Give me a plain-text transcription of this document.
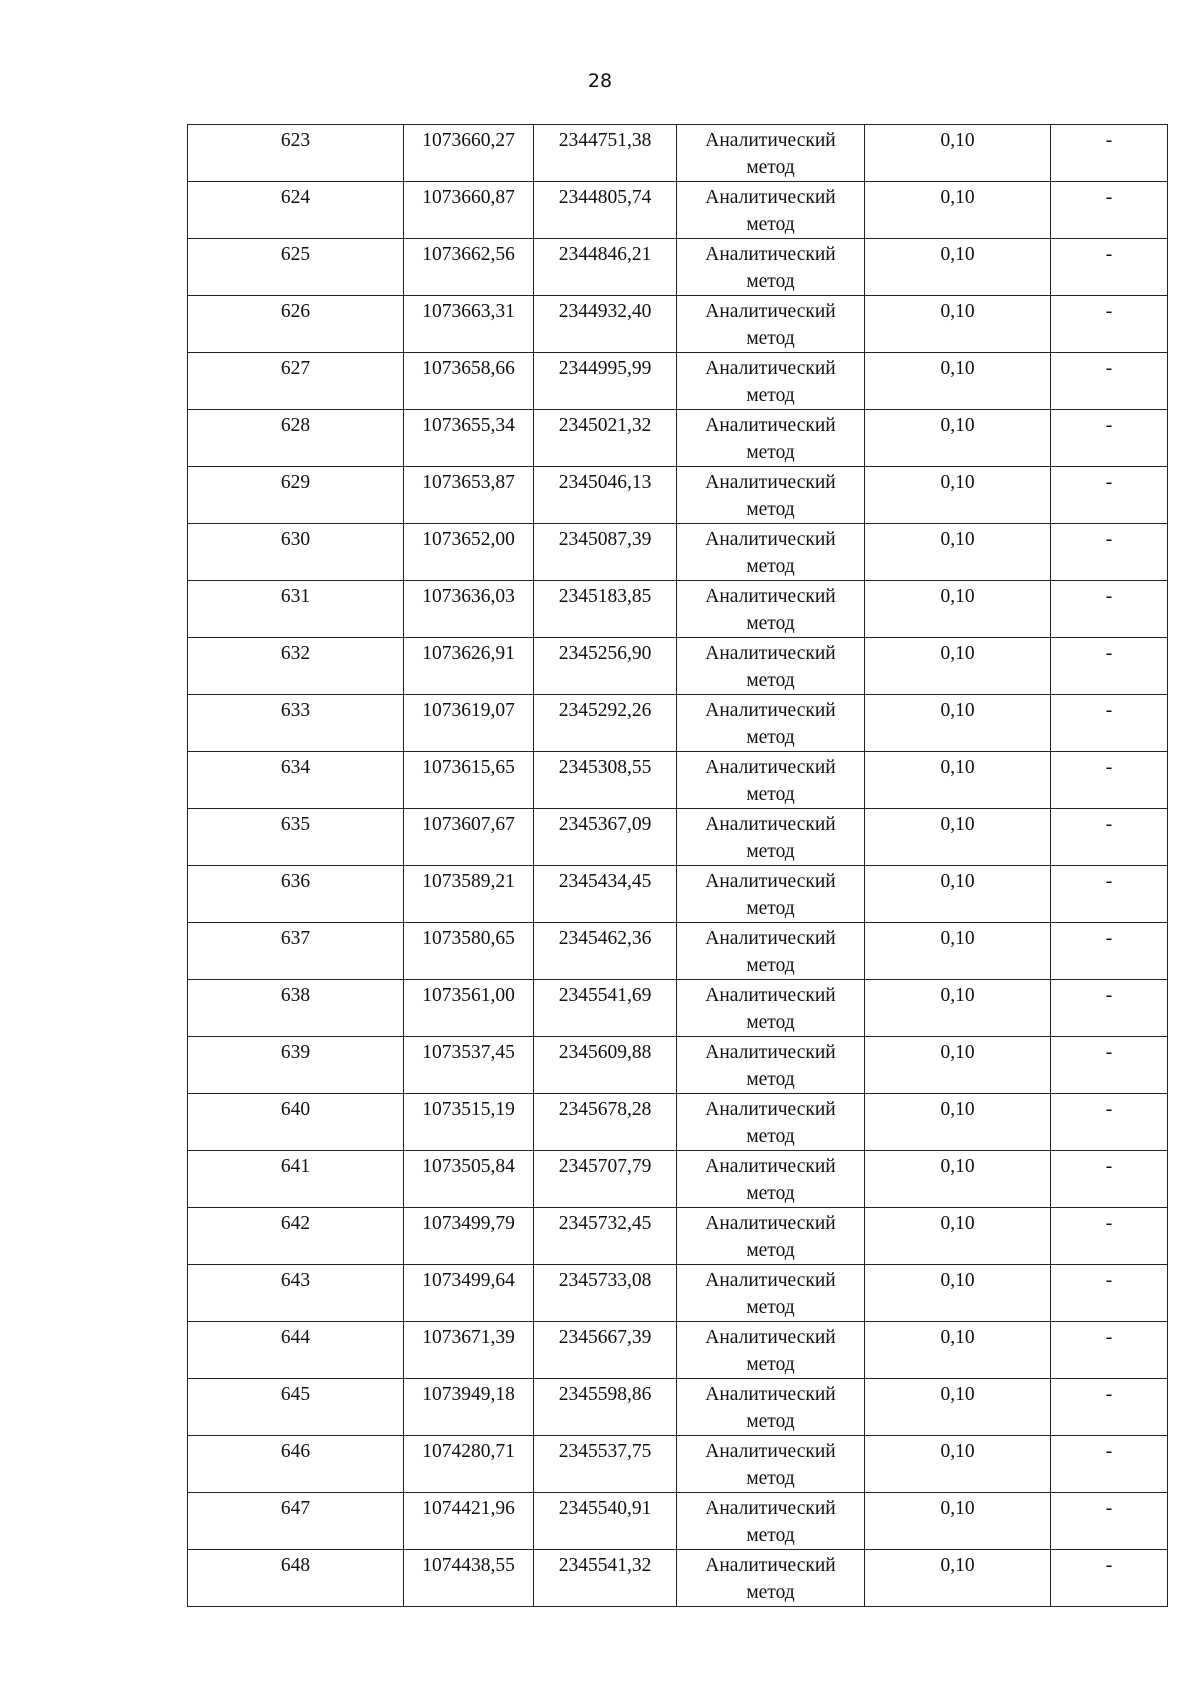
28
623	1073660,27	2344751,38	Аналитический метод	0,10	-
624	1073660,87	2344805,74	Аналитический метод	0,10	-
625	1073662,56	2344846,21	Аналитический метод	0,10	-
626	1073663,31	2344932,40	Аналитический метод	0,10	-
627	1073658,66	2344995,99	Аналитический метод	0,10	-
628	1073655,34	2345021,32	Аналитический метод	0,10	-
629	1073653,87	2345046,13	Аналитический метод	0,10	-
630	1073652,00	2345087,39	Аналитический метод	0,10	-
631	1073636,03	2345183,85	Аналитический метод	0,10	-
632	1073626,91	2345256,90	Аналитический метод	0,10	-
633	1073619,07	2345292,26	Аналитический метод	0,10	-
634	1073615,65	2345308,55	Аналитический метод	0,10	-
635	1073607,67	2345367,09	Аналитический метод	0,10	-
636	1073589,21	2345434,45	Аналитический метод	0,10	-
637	1073580,65	2345462,36	Аналитический метод	0,10	-
638	1073561,00	2345541,69	Аналитический метод	0,10	-
639	1073537,45	2345609,88	Аналитический метод	0,10	-
640	1073515,19	2345678,28	Аналитический метод	0,10	-
641	1073505,84	2345707,79	Аналитический метод	0,10	-
642	1073499,79	2345732,45	Аналитический метод	0,10	-
643	1073499,64	2345733,08	Аналитический метод	0,10	-
644	1073671,39	2345667,39	Аналитический метод	0,10	-
645	1073949,18	2345598,86	Аналитический метод	0,10	-
646	1074280,71	2345537,75	Аналитический метод	0,10	-
647	1074421,96	2345540,91	Аналитический метод	0,10	-
648	1074438,55	2345541,32	Аналитический метод	0,10	-
